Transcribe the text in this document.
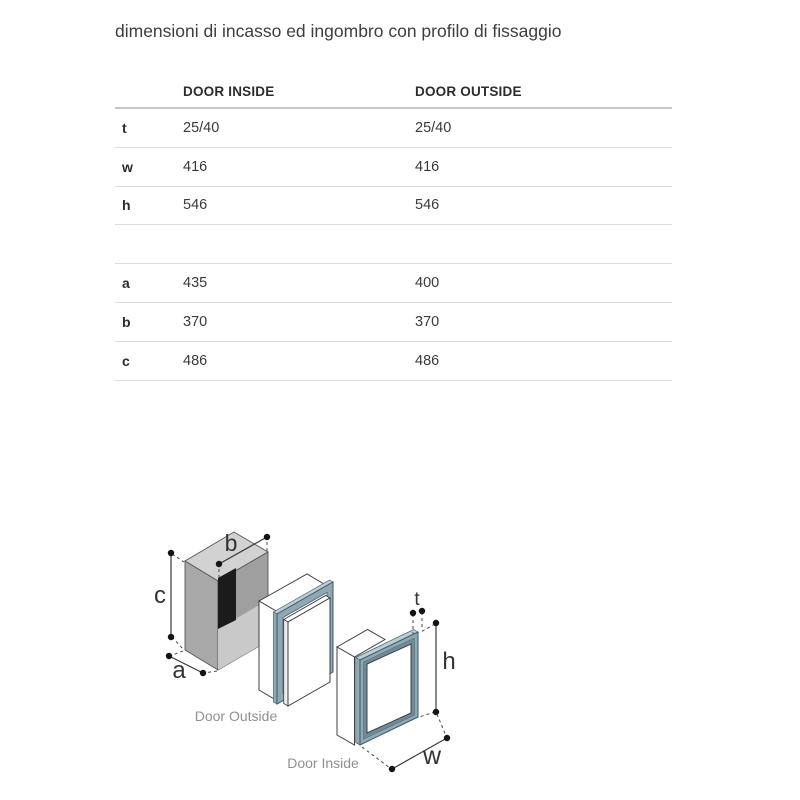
dimensioni di incasso ed ingombro con profilo di fissaggio
DOOR INSIDE	DOOR OUTSIDE
t	25/40	25/40
w	416	416
h	546	546
a	435	400
b	370	370
c	486	486
c
a
b
Door Outside
Door Inside
t
h
w
